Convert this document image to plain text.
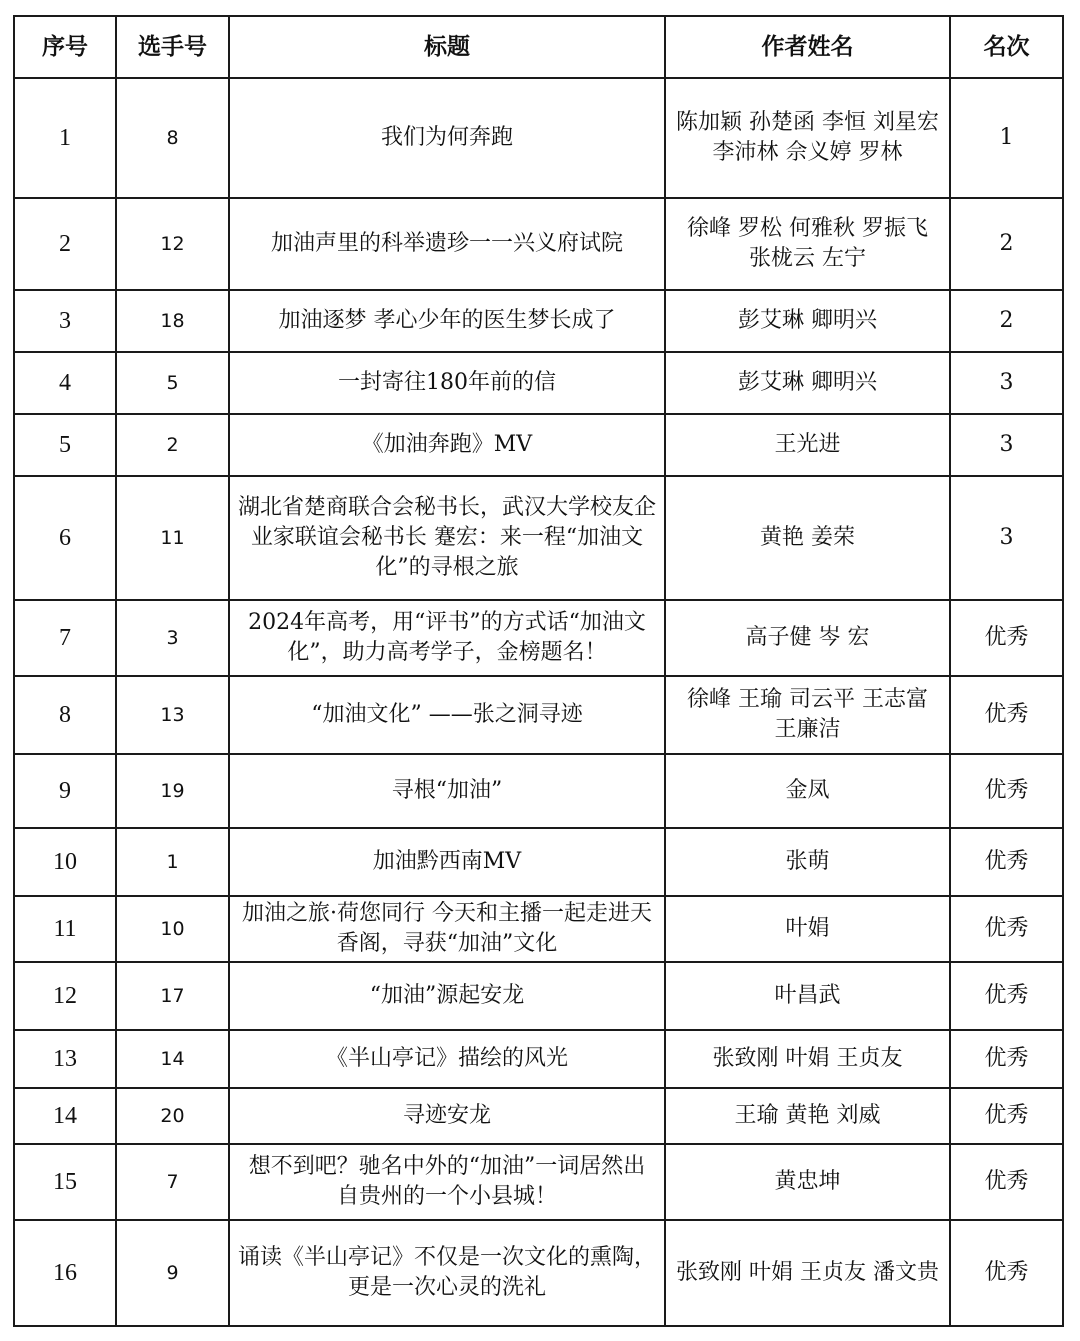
序号	选手号	标题	作者姓名	名次
1	8	我们为何奔跑	陈加颖 孙楚函 李恒 刘星宏 李沛林 佘义婷 罗林	1
2	12	加油声里的科举遗珍一一兴义府试院	徐峰 罗松 何雅秋 罗振飞 张栊云 左宁	2
3	18	加油逐梦 孝心少年的医生梦长成了	彭艾琳 卿明兴	2
4	5	一封寄往180年前的信	彭艾琳 卿明兴	3
5	2	《加油奔跑》MV	王光进	3
6	11	湖北省楚商联合会秘书长，武汉大学校友企业家联谊会秘书长 蹇宏：来一程“加油文化”的寻根之旅	黄艳 姜荣	3
7	3	2024年高考，用“评书”的方式话“加油文化”，助力高考学子，金榜题名！	高子健 岑 宏	优秀
8	13	“加油文化” ——张之洞寻迹	徐峰 王瑜 司云平 王志富 王廉洁	优秀
9	19	寻根“加油”	金凤	优秀
10	1	加油黔西南MV	张萌	优秀
11	10	加油之旅·荷您同行 今天和主播一起走进天香阁，寻获“加油”文化	叶娟	优秀
12	17	“加油”源起安龙	叶昌武	优秀
13	14	《半山亭记》描绘的风光	张致刚 叶娟 王贞友	优秀
14	20	寻迹安龙	王瑜 黄艳 刘威	优秀
15	7	想不到吧？驰名中外的“加油”一词居然出自贵州的一个小县城！	黄忠坤	优秀
16	9	诵读《半山亭记》不仅是一次文化的熏陶，更是一次心灵的洗礼	张致刚 叶娟 王贞友 潘文贵	优秀
